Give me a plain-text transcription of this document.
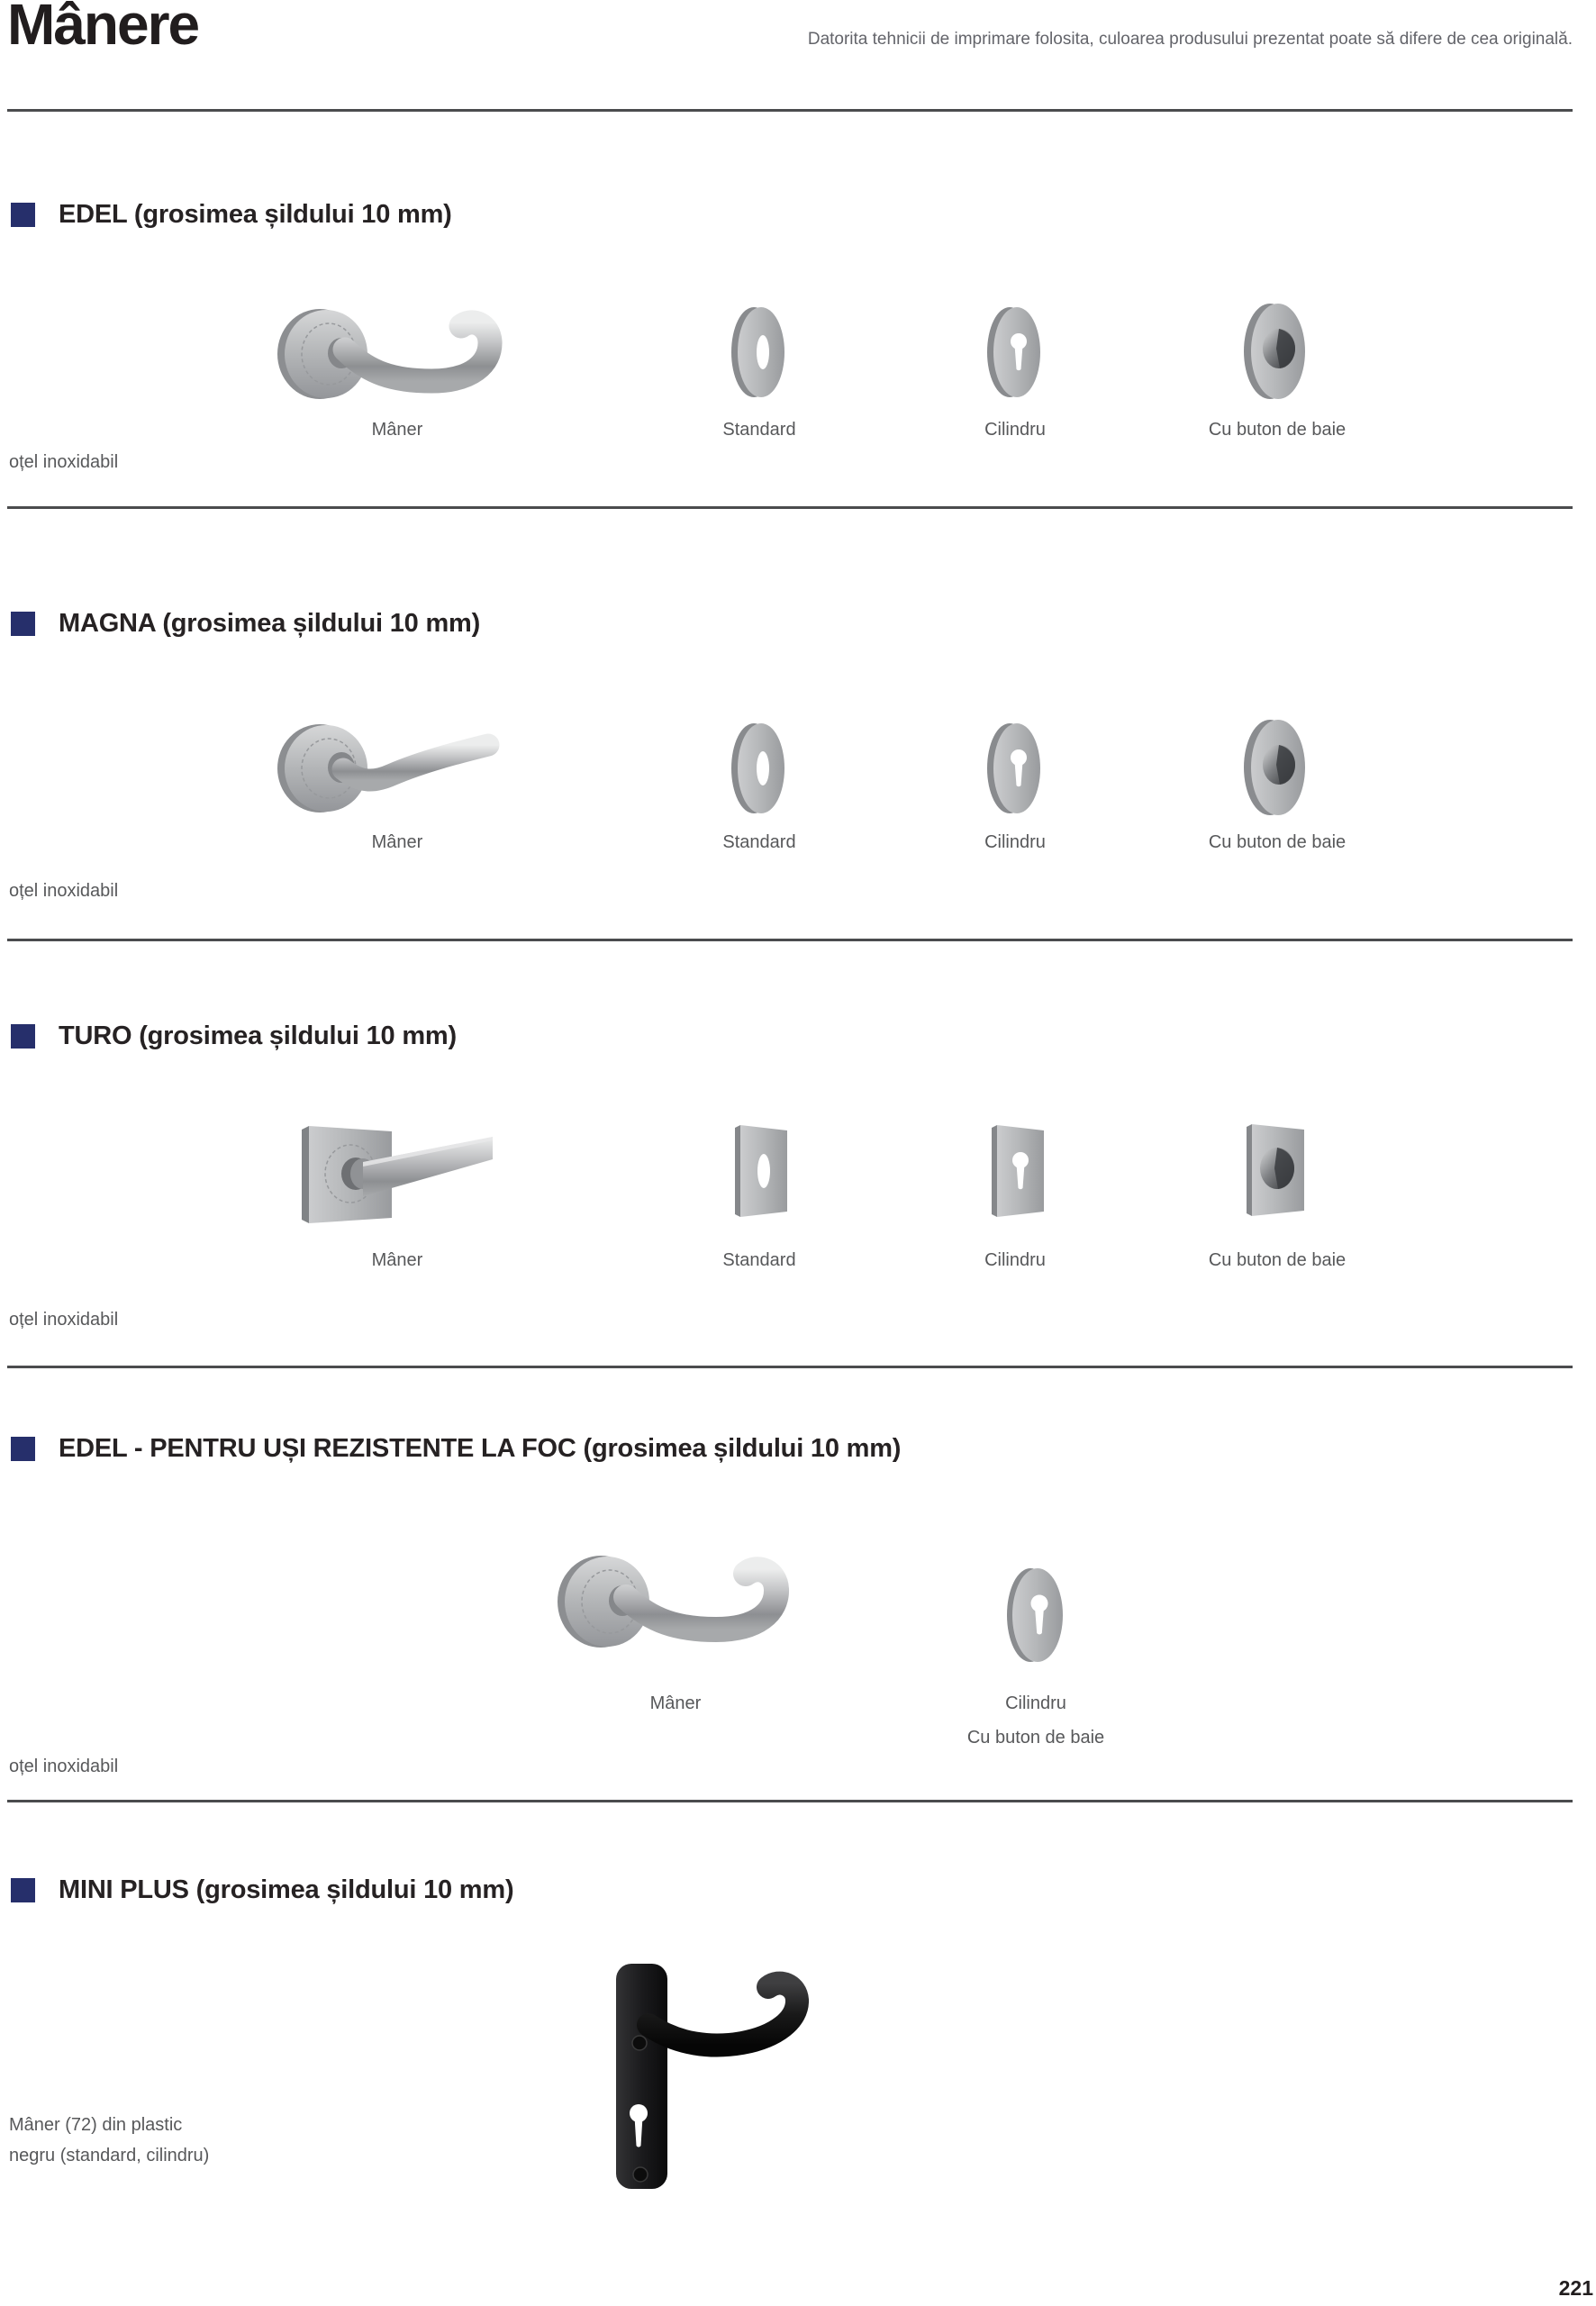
Mânere	Datorita tehnicii de imprimare folosita, culoarea produsului prezentat poate să difere de cea originală.
EDEL (grosimea șildului 10 mm)
Mâner	Standard	Cilindru	Cu buton de baie
oțel inoxidabil
MAGNA (grosimea șildului 10 mm)
Mâner	Standard	Cilindru	Cu buton de baie
oțel inoxidabil
TURO (grosimea șildului 10 mm)
Mâner	Standard	Cilindru	Cu buton de baie
oțel inoxidabil
EDEL - PENTRU UȘI REZISTENTE LA FOC (grosimea șildului 10 mm)
Mâner	Cilindru
Cu buton de baie
oțel inoxidabil
MINI PLUS (grosimea șildului 10 mm)
Mâner (72) din plastic
negru (standard, cilindru)
221
